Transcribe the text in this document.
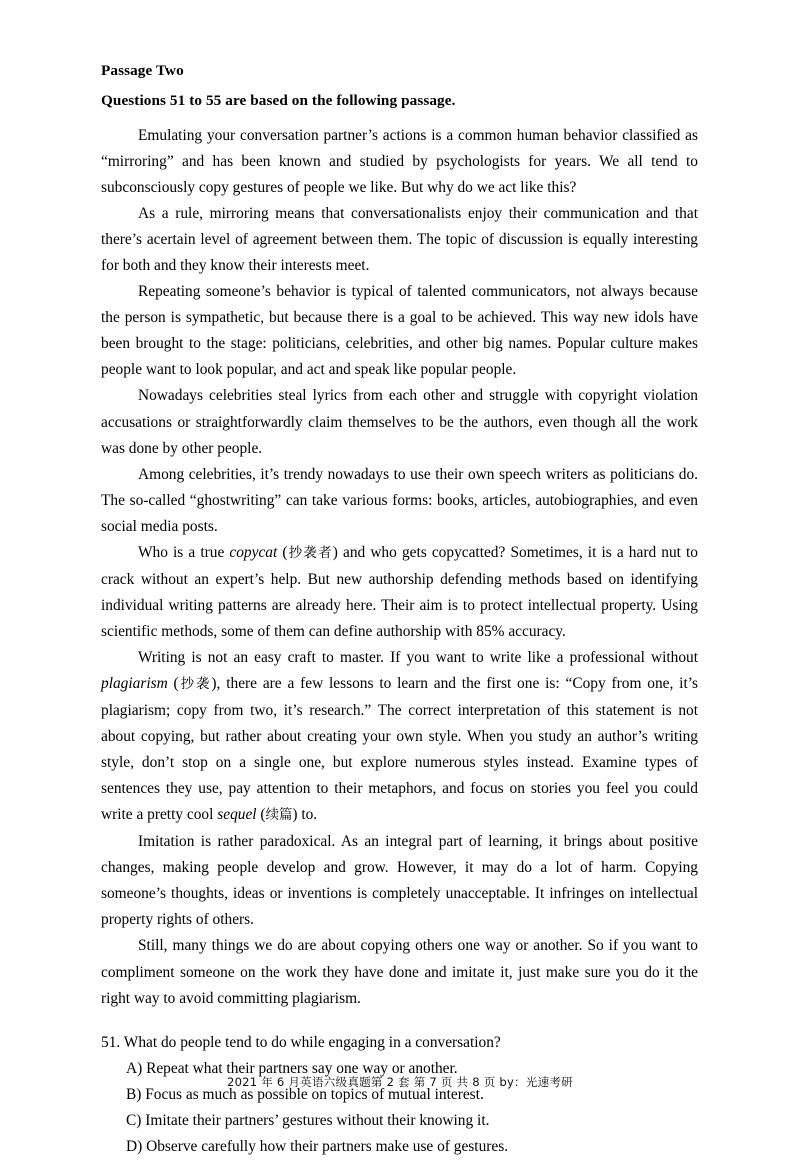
Passage Two

Questions 51 to 55 are based on the following passage.

Emulating your conversation partner’s actions is a common human behavior classified as “mirroring” and has been known and studied by psychologists for years. We all tend to subconsciously copy gestures of people we like. But why do we act like this?

As a rule, mirroring means that conversationalists enjoy their communication and that there’s acertain level of agreement between them. The topic of discussion is equally interesting for both and they know their interests meet.

Repeating someone’s behavior is typical of talented communicators, not always because the person is sympathetic, but because there is a goal to be achieved. This way new idols have been brought to the stage: politicians, celebrities, and other big names. Popular culture makes people want to look popular, and act and speak like popular people.

Nowadays celebrities steal lyrics from each other and struggle with copyright violation accusations or straightforwardly claim themselves to be the authors, even though all the work was done by other people.

Among celebrities, it’s trendy nowadays to use their own speech writers as politicians do. The so-called “ghostwriting” can take various forms: books, articles, autobiographies, and even social media posts.

Who is a true copycat (抄袭者) and who gets copycatted? Sometimes, it is a hard nut to crack without an expert’s help. But new authorship defending methods based on identifying individual writing patterns are already here. Their aim is to protect intellectual property. Using scientific methods, some of them can define authorship with 85% accuracy.

Writing is not an easy craft to master. If you want to write like a professional without plagiarism (抄袭), there are a few lessons to learn and the first one is: “Copy from one, it’s plagiarism; copy from two, it’s research.” The correct interpretation of this statement is not about copying, but rather about creating your own style. When you study an author’s writing style, don’t stop on a single one, but explore numerous styles instead. Examine types of sentences they use, pay attention to their metaphors, and focus on stories you feel you could write a pretty cool sequel (续篇) to.

Imitation is rather paradoxical. As an integral part of learning, it brings about positive changes, making people develop and grow. However, it may do a lot of harm. Copying someone’s thoughts, ideas or inventions is completely unacceptable. It infringes on intellectual property rights of others.

Still, many things we do are about copying others one way or another. So if you want to compliment someone on the work they have done and imitate it, just make sure you do it the right way to avoid committing plagiarism.

51. What do people tend to do while engaging in a conversation?

A) Repeat what their partners say one way or another.

B) Focus as much as possible on topics of mutual interest.

C) Imitate their partners’ gestures without their knowing it.

D) Observe carefully how their partners make use of gestures.

2021 年 6 月英语六级真题第 2 套 第 7 页 共 8 页 by：光速考研
